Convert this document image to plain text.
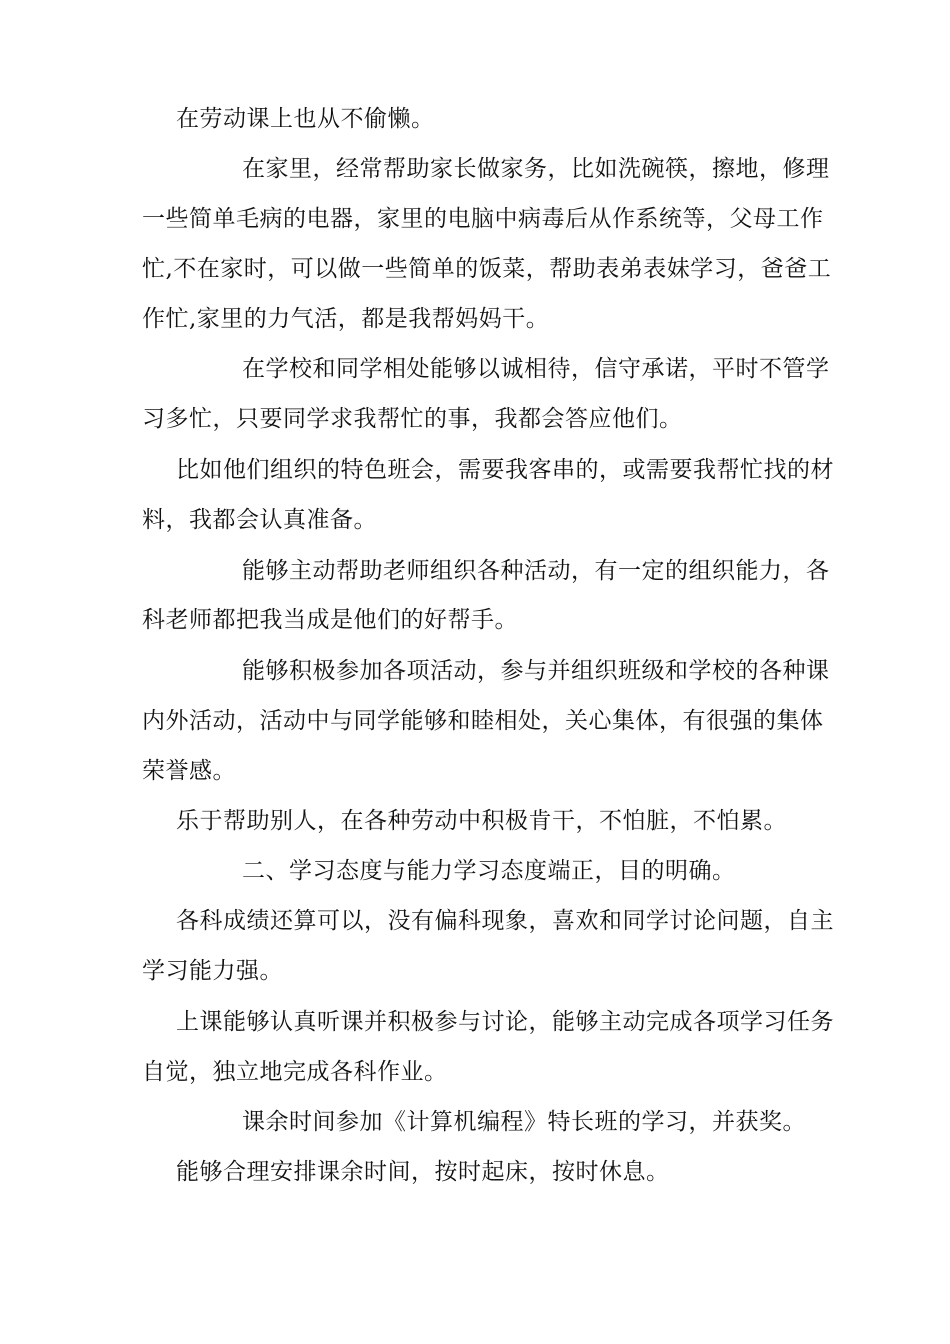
在劳动课上也从不偷懒。
在家里，经常帮助家长做家务，比如洗碗筷，擦地，修理
一些简单毛病的电器，家里的电脑中病毒后从作系统等，父母工作
忙,不在家时，可以做一些简单的饭菜，帮助表弟表妹学习，爸爸工
作忙,家里的力气活，都是我帮妈妈干。
在学校和同学相处能够以诚相待，信守承诺，平时不管学
习多忙，只要同学求我帮忙的事，我都会答应他们。
比如他们组织的特色班会，需要我客串的，或需要我帮忙找的材
料，我都会认真准备。
能够主动帮助老师组织各种活动，有一定的组织能力，各
科老师都把我当成是他们的好帮手。
能够积极参加各项活动，参与并组织班级和学校的各种课
内外活动，活动中与同学能够和睦相处，关心集体，有很强的集体
荣誉感。
乐于帮助别人，在各种劳动中积极肯干，不怕脏，不怕累。
二、学习态度与能力学习态度端正，目的明确。
各科成绩还算可以，没有偏科现象，喜欢和同学讨论问题，自主
学习能力强。
上课能够认真听课并积极参与讨论，能够主动完成各项学习任务
自觉，独立地完成各科作业。
课余时间参加《计算机编程》特长班的学习，并获奖。
能够合理安排课余时间，按时起床，按时休息。
